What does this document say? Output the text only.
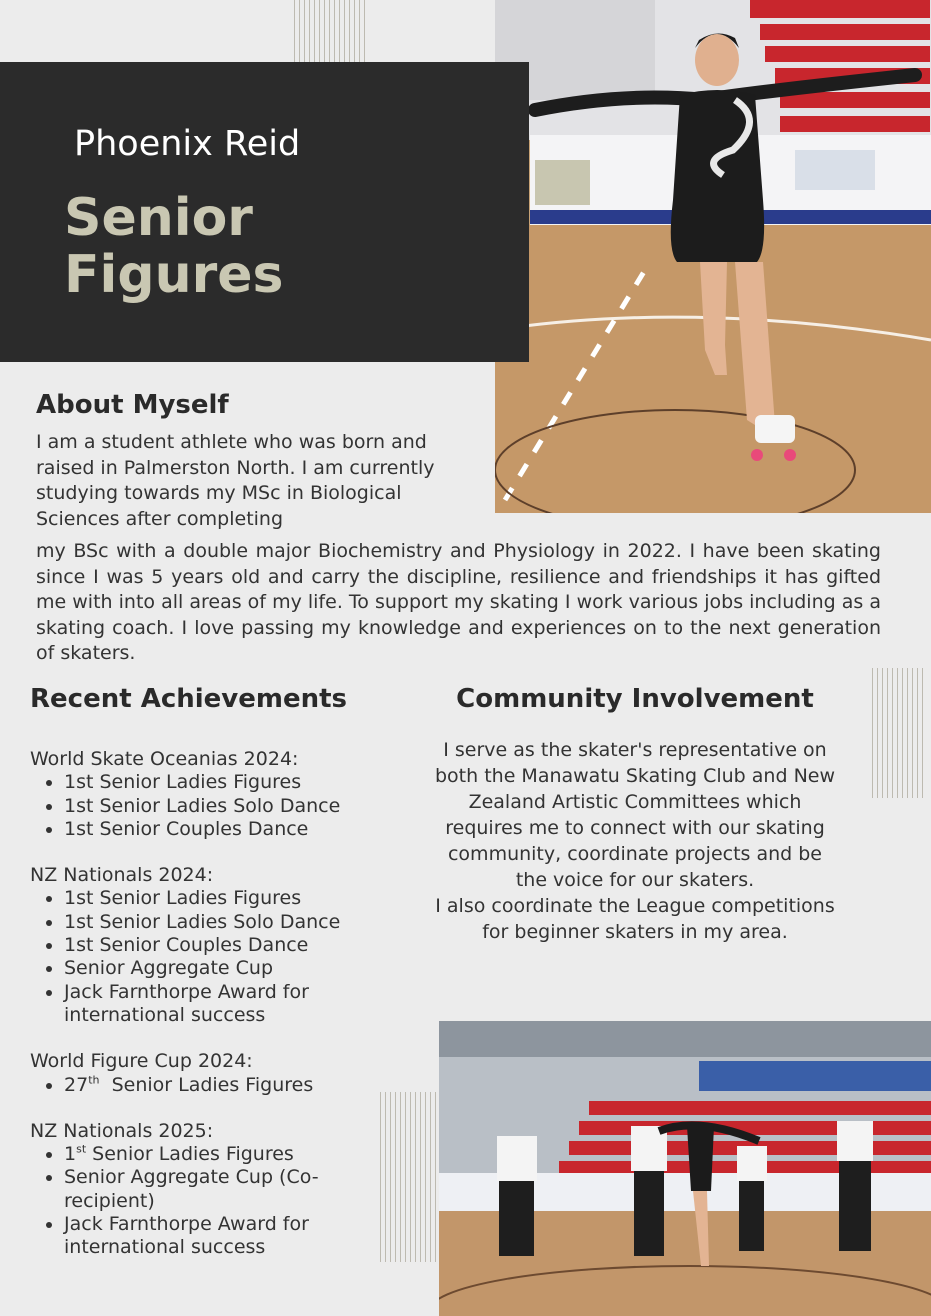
Phoenix Reid
Senior
Figures
About Myself
I am a student athlete who was born and raised in Palmerston North. I am currently studying towards my MSc in Biological Sciences after completing
my BSc with a double major Biochemistry and Physiology in 2022. I have been skating since I was 5 years old and carry the discipline, resilience and friendships it has gifted me with into all areas of my life. To support my skating I work various jobs including as a skating coach. I love passing my knowledge and experiences on to the next generation of skaters.
Recent Achievements
World Skate Oceanias 2024:
• 1st Senior Ladies Figures
• 1st Senior Ladies Solo Dance
• 1st Senior Couples Dance
NZ Nationals 2024:
• 1st Senior Ladies Figures
• 1st Senior Ladies Solo Dance
• 1st Senior Couples Dance
• Senior Aggregate Cup
• Jack Farnthorpe Award for international success
World Figure Cup 2024:
• 27th  Senior Ladies Figures
NZ Nationals 2025:
• 1st Senior Ladies Figures
• Senior Aggregate Cup (Co-recipient)
• Jack Farnthorpe Award for international success
Community Involvement
I serve as the skater's representative on both the Manawatu Skating Club and New Zealand Artistic Committees which requires me to connect with our skating community, coordinate projects and be the voice for our skaters.
I also coordinate the League competitions for beginner skaters in my area.
